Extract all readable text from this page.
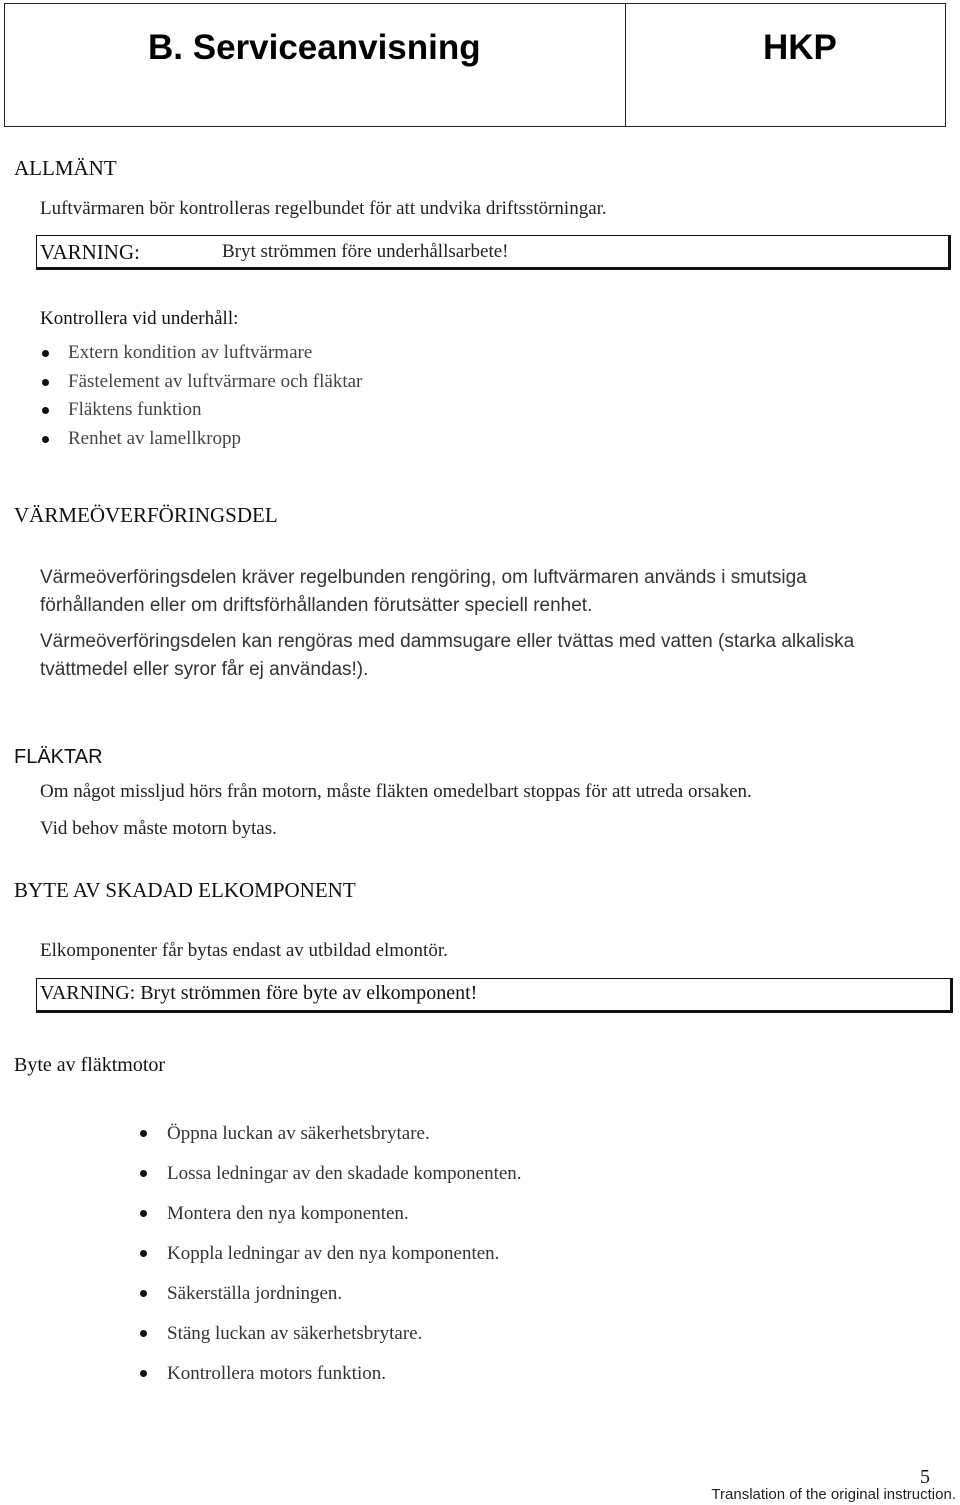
B. Serviceanvisning	HKP
ALLMÄNT
Luftvärmaren bör kontrolleras regelbundet för att undvika driftsstörningar.
VARNING:	Bryt strömmen före underhållsarbete!
Kontrollera vid underhåll:
Extern kondition av luftvärmare
Fästelement av luftvärmare och fläktar
Fläktens funktion
Renhet av lamellkropp
VÄRMEÖVERFÖRINGSDEL
Värmeöverföringsdelen kräver regelbunden rengöring, om luftvärmaren används i smutsiga
förhållanden eller om driftsförhållanden förutsätter speciell renhet.
Värmeöverföringsdelen kan rengöras med dammsugare eller tvättas med vatten (starka alkaliska
tvättmedel eller syror får ej användas!).
FLÄKTAR
Om något missljud hörs från motorn, måste fläkten omedelbart stoppas för att utreda orsaken.
Vid behov måste motorn bytas.
BYTE AV SKADAD ELKOMPONENT
Elkomponenter får bytas endast av utbildad elmontör.
VARNING: Bryt strömmen före byte av elkomponent!
Byte av fläktmotor
Öppna luckan av säkerhetsbrytare.
Lossa ledningar av den skadade komponenten.
Montera den nya komponenten.
Koppla ledningar av den nya komponenten.
Säkerställa jordningen.
Stäng luckan av säkerhetsbrytare.
Kontrollera motors funktion.
5
Translation of the original instruction.
